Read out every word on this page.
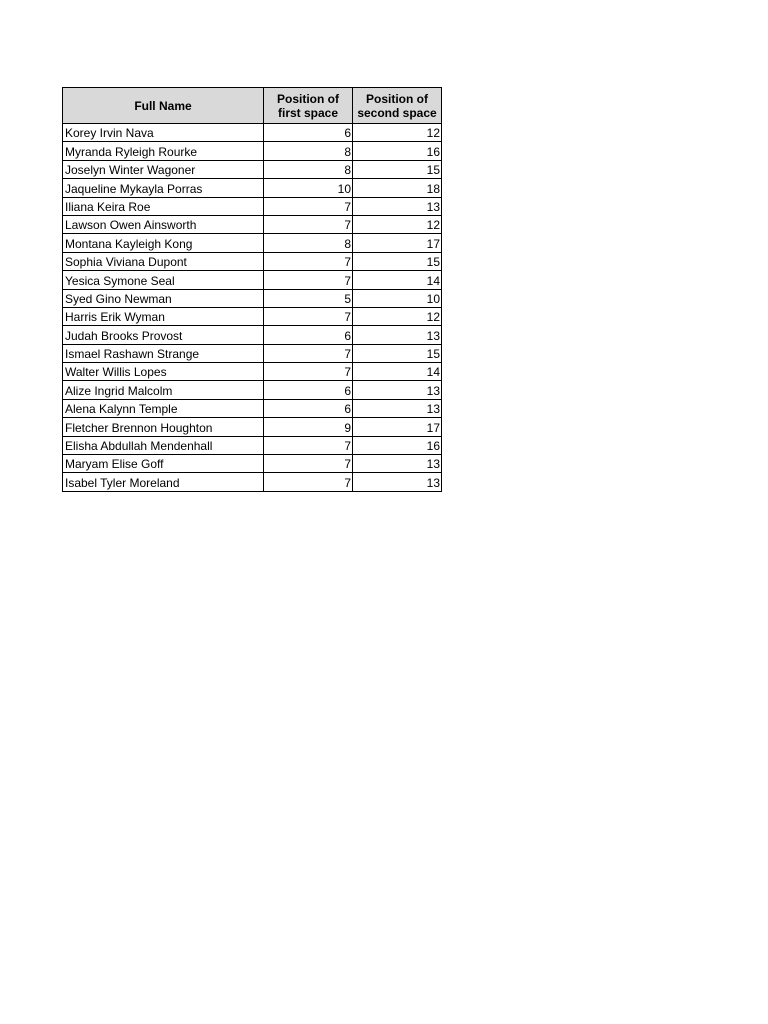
Full Name	Position of first space	Position of second space
Korey Irvin Nava	6	12
Myranda Ryleigh Rourke	8	16
Joselyn Winter Wagoner	8	15
Jaqueline Mykayla Porras	10	18
Iliana Keira Roe	7	13
Lawson Owen Ainsworth	7	12
Montana Kayleigh Kong	8	17
Sophia Viviana Dupont	7	15
Yesica Symone Seal	7	14
Syed Gino Newman	5	10
Harris Erik Wyman	7	12
Judah Brooks Provost	6	13
Ismael Rashawn Strange	7	15
Walter Willis Lopes	7	14
Alize Ingrid Malcolm	6	13
Alena Kalynn Temple	6	13
Fletcher Brennon Houghton	9	17
Elisha Abdullah Mendenhall	7	16
Maryam Elise Goff	7	13
Isabel Tyler Moreland	7	13
